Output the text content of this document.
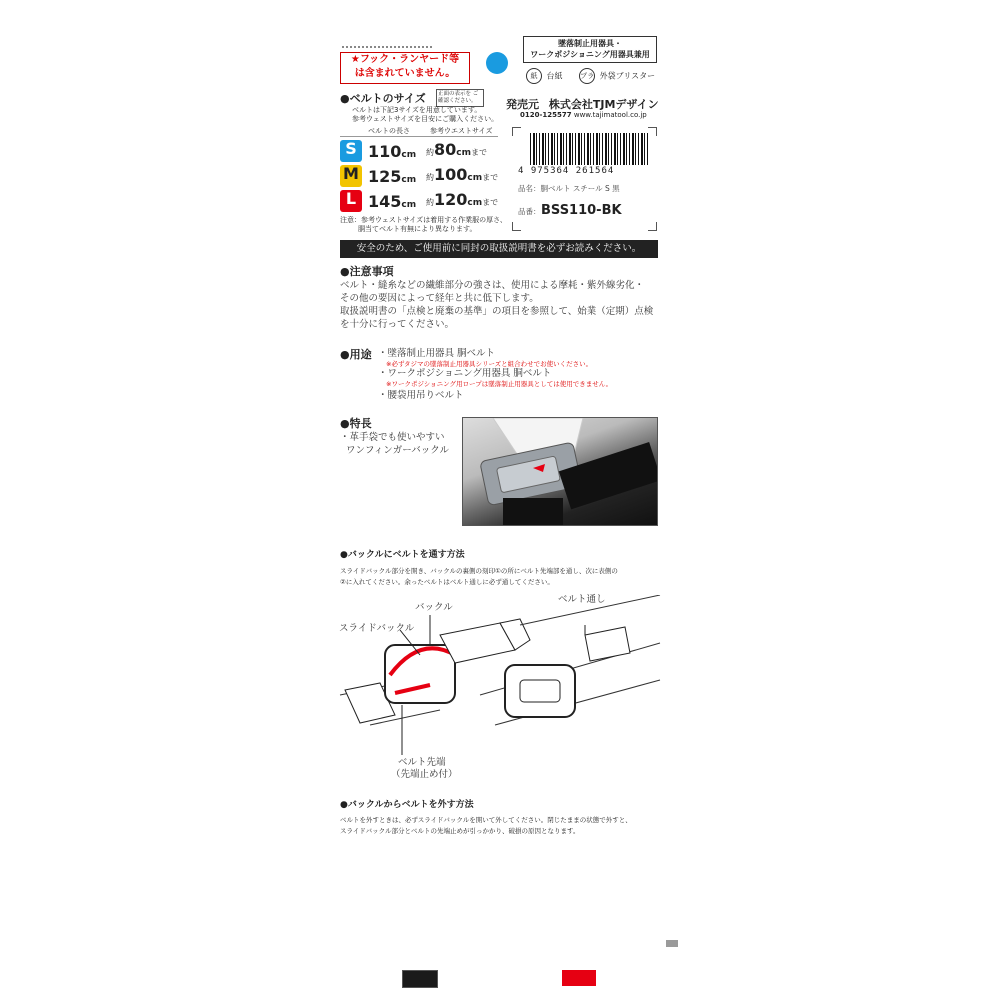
★フック・ランヤード等
は含まれていません。
墜落制止用器具・
ワークポジショニング用器具兼用
紙 台紙	プラ 外袋ブリスター
●ベルトのサイズ	正面の表示を ご確認ください。
ベルトは下記3サイズを用意しています。
参考ウェストサイズを目安にご購入ください。
ベルトの長さ	参考ウエストサイズ
S 110cm 約80cmまで
M 125cm 約100cmまで
L 145cm 約120cmまで
注意：参考ウェストサイズは着用する作業服の厚さ、
胴当てベルト有無により異なります。
発売元 株式会社TJMデザイン
0120-125577 www.tajimatool.co.jp
4 975364 261564
品名：胴ベルト スチール S 黒
品番： BSS110-BK
安全のため、ご使用前に同封の取扱説明書を必ずお読みください。
●注意事項
ベルト・縫糸などの繊維部分の強さは、使用による摩耗・紫外線劣化・
その他の要因によって経年と共に低下します。
取扱説明書の「点検と廃棄の基準」の項目を参照して、始業（定期）点検
を十分に行ってください。
●用途 ・墜落制止用器具 胴ベルト
※必ずタジマの墜落制止用器具シリーズと組合わせでお使いください。
・ワークポジショニング用器具 胴ベルト
※ワークポジショニング用ロープは墜落制止用器具としては使用できません。
・腰袋用吊りベルト
●特長
・革手袋でも使いやすい
ワンフィンガーバックル
●バックルにベルトを通す方法
スライドバックル部分を開き、バックルの裏側の刻印①の所にベルト先端部を通し、次に表側の
②に入れてください。余ったベルトはベルト通しに必ず通してください。
バックル
スライドバックル
ベルト通し
ベルト先端
（先端止め付）
●バックルからベルトを外す方法
ベルトを外すときは、必ずスライドバックルを開いて外してください。閉じたままの状態で外すと、
スライドバックル部分とベルトの先端止めが引っかかり、破損の原因となります。
